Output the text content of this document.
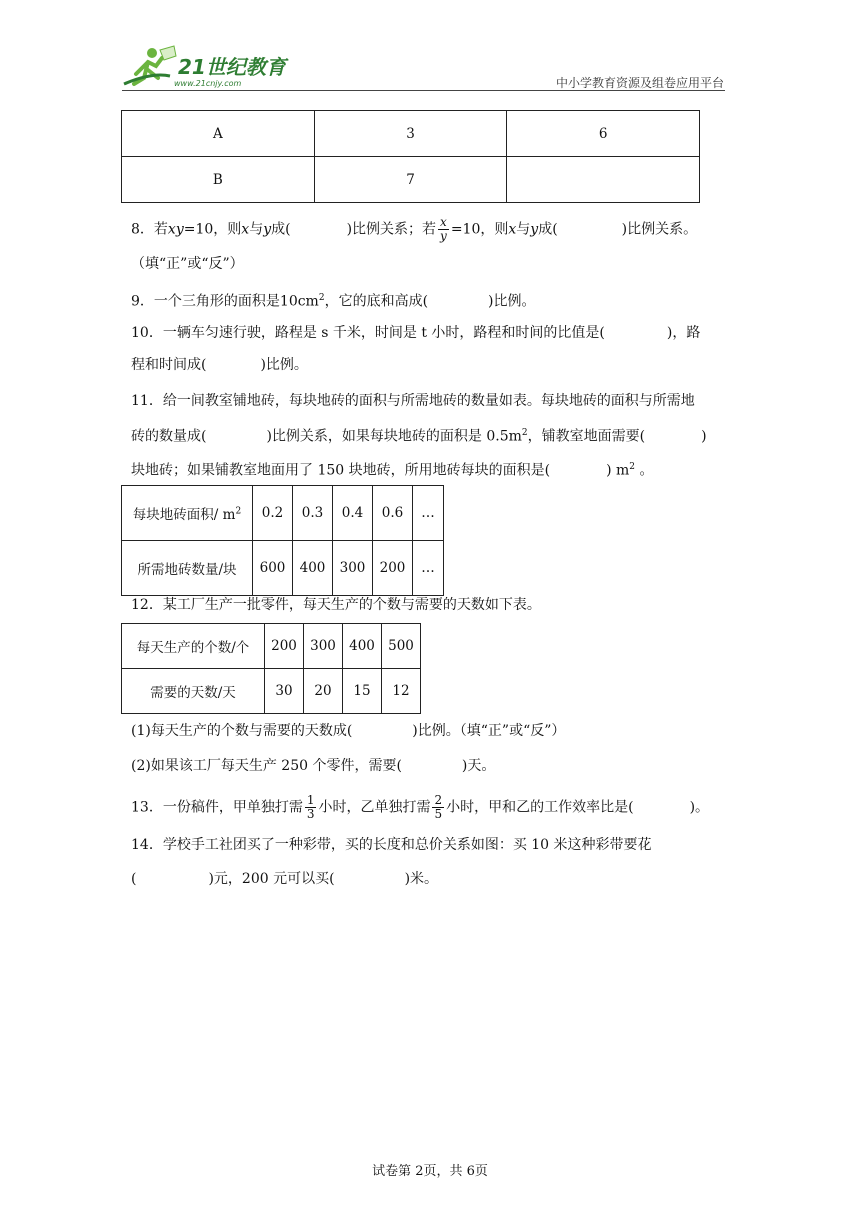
21世纪教育
www.21cnjy.com	中小学教育资源及组卷应用平台
A	3	6
B	7	
8．若xy=10，则x与y成(	)比例关系；若 $\frac{x}{y} =10$，则x与y成(	)比例关系。
（填“正”或“反”）
9．一个三角形的面积是$10cm^2$，它的底和高成(	)比例。
10．一辆车匀速行驶，路程是 s 千米，时间是 t 小时，路程和时间的比值是(	)，路
程和时间成(	)比例。
11．给一间教室铺地砖，每块地砖的面积与所需地砖的数量如表。每块地砖的面积与所需地
砖的数量成(	)比例关系，如果每块地砖的面积是 $0.5m^2$，铺教室地面需要(	)
块地砖；如果铺教室地面用了 150 块地砖，所用地砖每块的面积是(	) $m^2$ 。
每块地砖面积/ $m^2$	0.2	0.3	0.4	0.6	…
所需地砖数量/块	600	400	300	200	…
12．某工厂生产一批零件，每天生产的个数与需要的天数如下表。
每天生产的个数/个	200	300	400	500
需要的天数/天	30	20	15	12
(1)每天生产的个数与需要的天数成(	)比例。（填“正”或“反”）
(2)如果该工厂每天生产 250 个零件，需要(	)天。
13．一份稿件，甲单独打需 $\frac{1}{3}$ 小时，乙单独打需 $\frac{2}{5}$ 小时，甲和乙的工作效率比是(	)。
14．学校手工社团买了一种彩带，买的长度和总价关系如图：买 10 米这种彩带要花
(	)元，200 元可以买(	)米。
试卷第 2页，共 6页
